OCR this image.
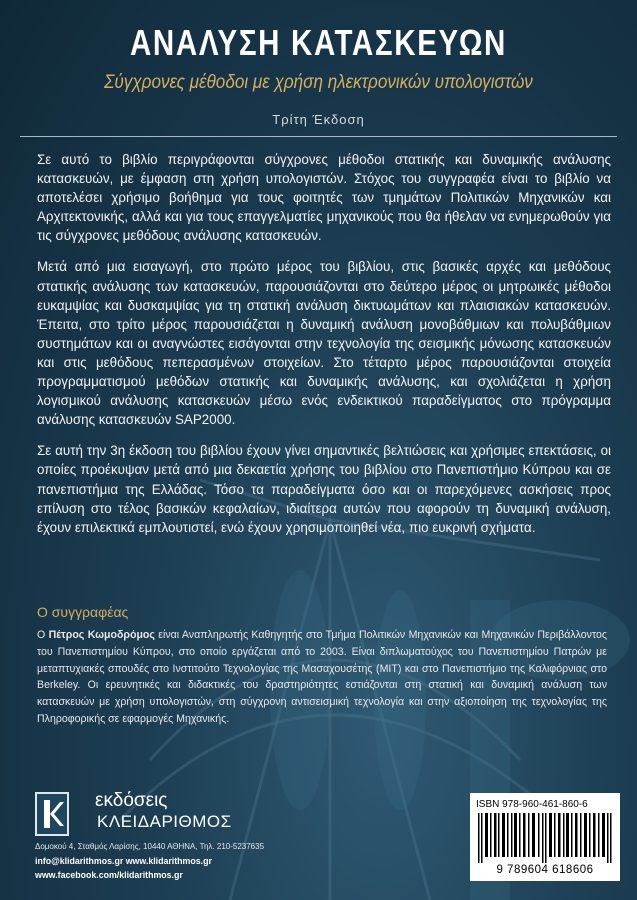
ΑΝΑΛΥΣΗ ΚΑΤΑΣΚΕΥΩΝ
Σύγχρονες μέθοδοι με χρήση ηλεκτρονικών υπολογιστών
Τρίτη Έκδοση

Σε αυτό το βιβλίο περιγράφονται σύγχρονες μέθοδοι στατικής και δυναμικής ανάλυσης κατασκευών, με έμφαση στη χρήση υπολογιστών. Στόχος του συγγραφέα είναι το βιβλίο να αποτελέσει χρήσιμο βοήθημα για τους φοιτητές των τμημάτων Πολιτικών Μηχανικών και Αρχιτεκτονικής, αλλά και για τους επαγγελματίες μηχανικούς που θα ήθελαν να ενημερωθούν για τις σύγχρονες μεθόδους ανάλυσης κατασκευών.

Μετά από μια εισαγωγή, στο πρώτο μέρος του βιβλίου, στις βασικές αρχές και μεθόδους στατικής ανάλυσης των κατασκευών, παρουσιάζονται στο δεύτερο μέρος οι μητρωικές μέθοδοι ευκαμψίας και δυσκαμψίας για τη στατική ανάλυση δικτυωμάτων και πλαισιακών κατασκευών. Έπειτα, στο τρίτο μέρος παρουσιάζεται η δυναμική ανάλυση μονοβάθμιων και πολυβάθμιων συστημάτων και οι αναγνώστες εισάγονται στην τεχνολογία της σεισμικής μόνωσης κατασκευών και στις μεθόδους πεπερασμένων στοιχείων. Στο τέταρτο μέρος παρουσιάζονται στοιχεία προγραμματισμού μεθόδων στατικής και δυναμικής ανάλυσης, και σχολιάζεται η χρήση λογισμικού ανάλυσης κατασκευών μέσω ενός ενδεικτικού παραδείγματος στο πρόγραμμα ανάλυσης κατασκευών SAP2000.

Σε αυτή την 3η έκδοση του βιβλίου έχουν γίνει σημαντικές βελτιώσεις και χρήσιμες επεκτάσεις, οι οποίες προέκυψαν μετά από μια δεκαετία χρήσης του βιβλίου στο Πανεπιστήμιο Κύπρου και σε πανεπιστήμια της Ελλάδας. Τόσο τα παραδείγματα όσο και οι παρεχόμενες ασκήσεις προς επίλυση στο τέλος βασικών κεφαλαίων, ιδιαίτερα αυτών που αφορούν τη δυναμική ανάλυση, έχουν επιλεκτικά εμπλουτιστεί, ενώ έχουν χρησιμοποιηθεί νέα, πιο ευκρινή σχήματα.

Ο συγγραφέας
Ο Πέτρος Κωμοδρόμος είναι Αναπληρωτής Καθηγητής στο Τμήμα Πολιτικών Μηχανικών και Μηχανικών Περιβάλλοντος του Πανεπιστημίου Κύπρου, στο οποίο εργάζεται από το 2003. Είναι διπλωματούχος του Πανεπιστημίου Πατρών με μεταπτυχιακές σπουδές στο Ινστιτούτο Τεχνολογίας της Μασαχουσέτης (MIT) και στο Πανεπιστήμιο της Καλιφόρνιας στο Berkeley. Οι ερευνητικές και διδακτικές του δραστηριότητες εστιάζονται στη στατική και δυναμική ανάλυση των κατασκευών με χρήση υπολογιστών, στη σύγχρονη αντισεισμική τεχνολογία και στην αξιοποίηση της τεχνολογίας της Πληροφορικής σε εφαρμογές Μηχανικής.
εκδόσεις
ΚΛΕΙΔΑΡΙΘΜΟΣ
Δομοκού 4, Σταθμός Λαρίσης, 10440 ΑΘΗΝΑ, Τηλ. 210-5237635
info@klidarithmos.gr www.klidarithmos.gr
www.facebook.com/klidarithmos.gr
ISBN 978-960-461-860-6
9 789604 618606
